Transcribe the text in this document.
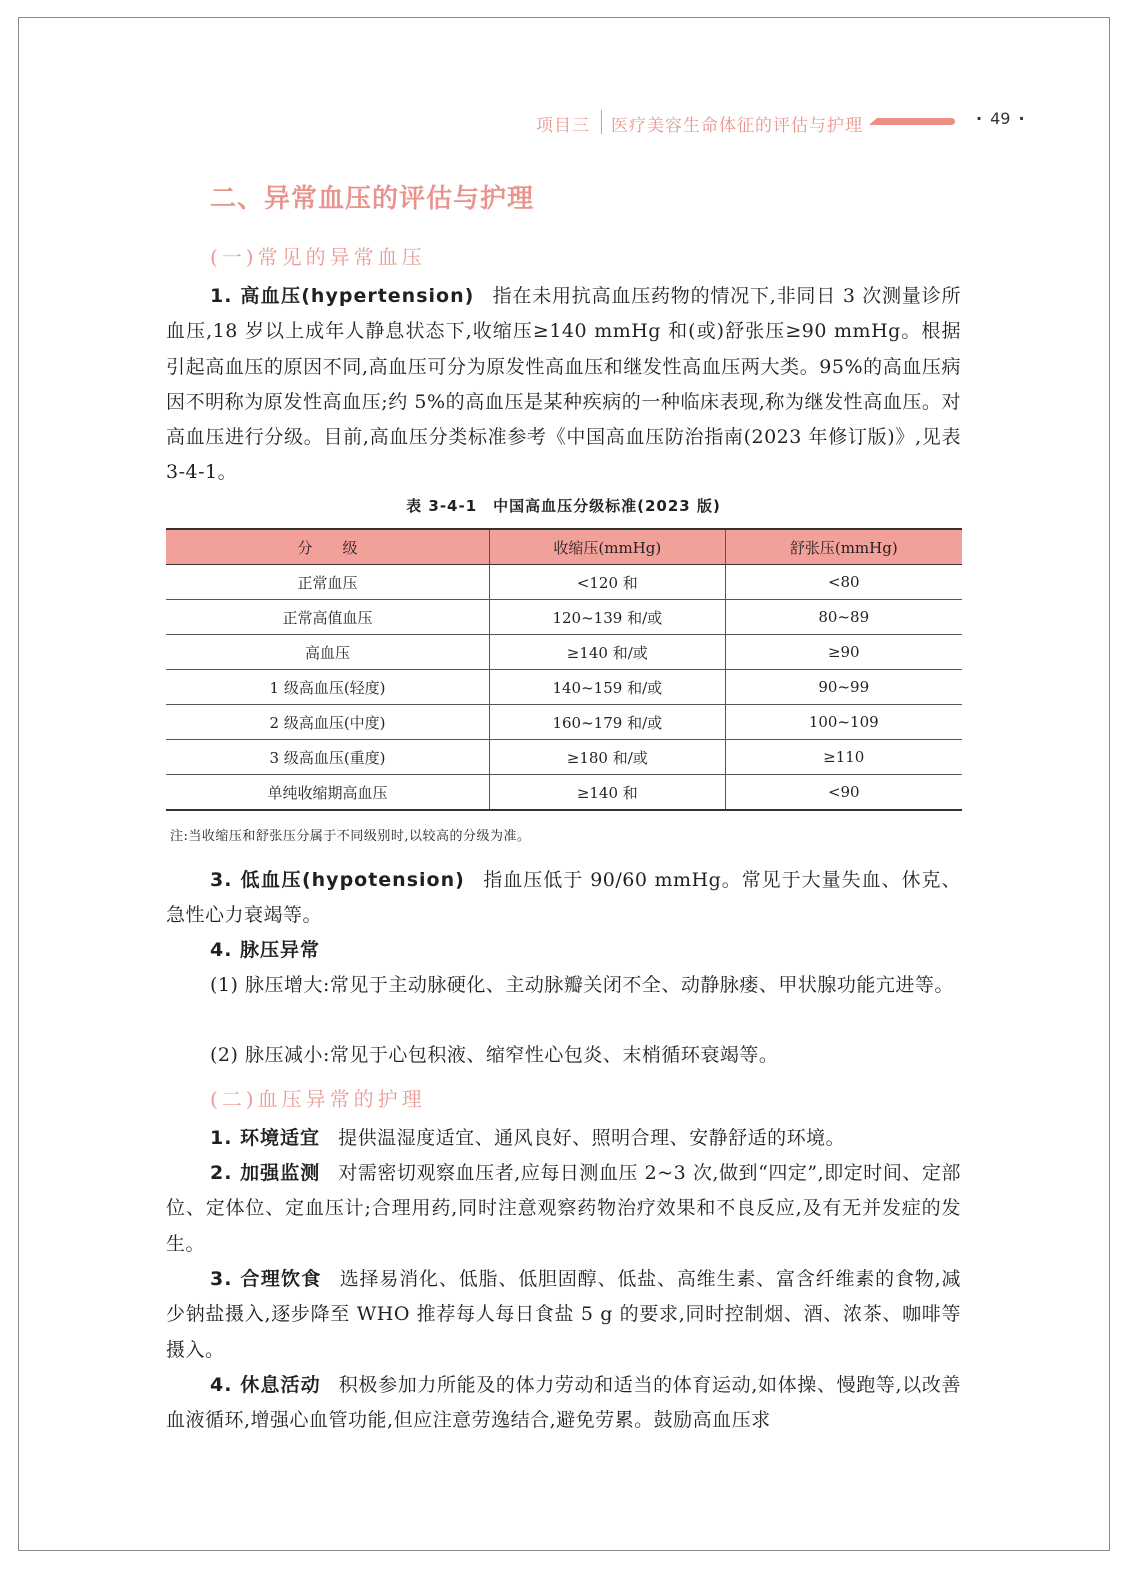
项目三 医疗美容生命体征的评估与护理	· 49 ·
二、异常血压的评估与护理
(一)常见的异常血压

1. 高血压(hypertension) 指在未用抗高血压药物的情况下,非同日 3 次测量诊所血压,18 岁以上成年人静息状态下,收缩压≥140 mmHg 和(或)舒张压≥90 mmHg。根据引起高血压的原因不同,高血压可分为原发性高血压和继发性高血压两大类。95%的高血压病因不明称为原发性高血压;约 5%的高血压是某种疾病的一种临床表现,称为继发性高血压。对高血压进行分级。目前,高血压分类标准参考《中国高血压防治指南(2023 年修订版)》,见表 3-4-1。

表 3-4-1　中国高血压分级标准(2023 版)
分　　级	收缩压(mmHg)	舒张压(mmHg)
正常血压	<120 和	<80
正常高值血压	120~139 和/或	80~89
高血压	≥140 和/或	≥90
1 级高血压(轻度)	140~159 和/或	90~99
2 级高血压(中度)	160~179 和/或	100~109
3 级高血压(重度)	≥180 和/或	≥110
单纯收缩期高血压	≥140 和	<90
注:当收缩压和舒张压分属于不同级别时,以较高的分级为准。

3. 低血压(hypotension) 指血压低于 90/60 mmHg。常见于大量失血、休克、急性心力衰竭等。

4. 脉压异常

(1) 脉压增大:常见于主动脉硬化、主动脉瓣关闭不全、动静脉瘘、甲状腺功能亢进等。

(2) 脉压减小:常见于心包积液、缩窄性心包炎、末梢循环衰竭等。

(二)血压异常的护理

1. 环境适宜 提供温湿度适宜、通风良好、照明合理、安静舒适的环境。

2. 加强监测 对需密切观察血压者,应每日测血压 2~3 次,做到“四定”,即定时间、定部位、定体位、定血压计;合理用药,同时注意观察药物治疗效果和不良反应,及有无并发症的发生。

3. 合理饮食 选择易消化、低脂、低胆固醇、低盐、高维生素、富含纤维素的食物,减少钠盐摄入,逐步降至 WHO 推荐每人每日食盐 5 g 的要求,同时控制烟、酒、浓茶、咖啡等摄入。

4. 休息活动 积极参加力所能及的体力劳动和适当的体育运动,如体操、慢跑等,以改善血液循环,增强心血管功能,但应注意劳逸结合,避免劳累。鼓励高血压求
